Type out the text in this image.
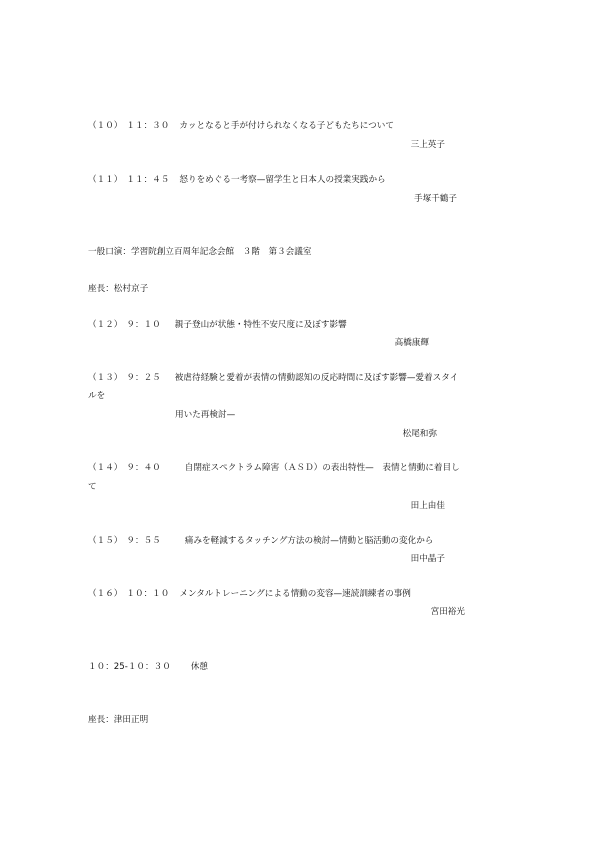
（１０） １１：３０ カッとなると手が付けられなくなる子どもたちについて
三上英子
（１１） １１：４５ 怒りをめぐる一考察—留学生と日本人の授業実践から
手塚千鶴子
一般口演：学習院創立百周年記念会館　３階　第３会議室
座長：松村京子
（１２） ９：１０ 親子登山が状態・特性不安尺度に及ぼす影響
高橋康輝
（１３） ９：２５ 被虐待経験と愛着が表情の情動認知の反応時間に及ぼす影響—愛着スタイ
ルを
用いた再検討—
松尾和弥
（１４） ９：４０	自閉症スペクトラム障害（ＡＳＤ）の表出特性—　表情と情動に着目し
て
田上由佳
（１５） ９：５５	痛みを軽減するタッチング方法の検討—情動と脳活動の変化から
田中晶子
（１６） １０：１０ メンタルトレーニングによる情動の変容—速読訓練者の事例
宮田裕光
１０：25-１０：３０ 休憩
座長：津田正明
